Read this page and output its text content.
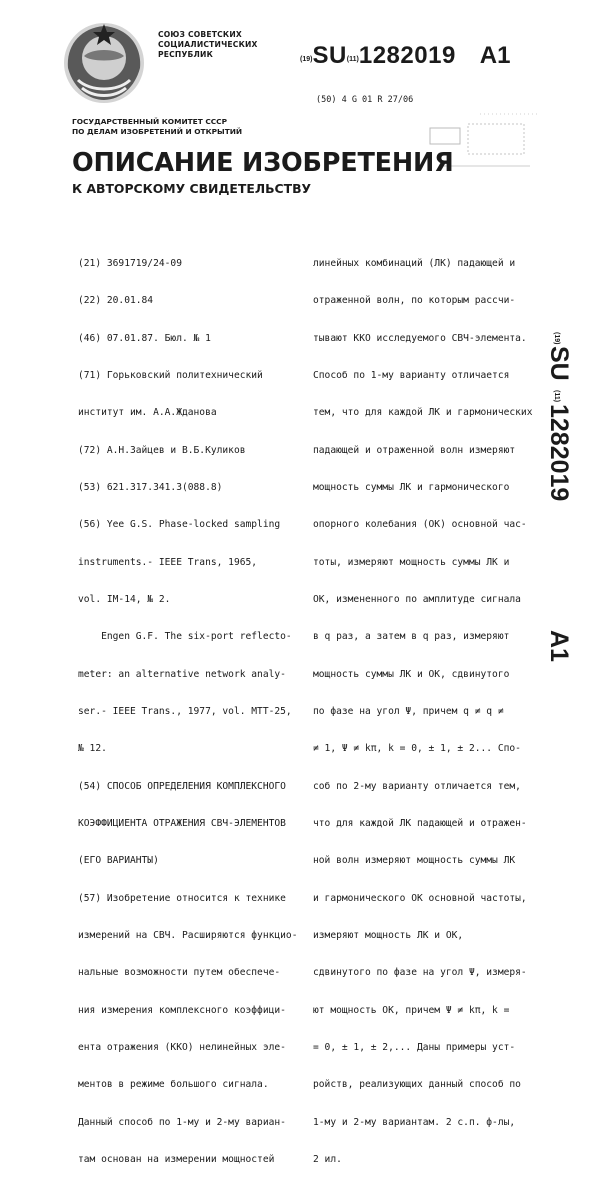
СОЮЗ СОВЕТСКИХ
СОЦИАЛИСТИЧЕСКИХ
РЕСПУБЛИК
(19)SU(11)1282019 A1
(50) 4 G 01 R 27/06
ГОСУДАРСТВЕННЫЙ КОМИТЕТ СССР
ПО ДЕЛАМ ИЗОБРЕТЕНИЙ И ОТКРЫТИЙ
ОПИСАНИЕ ИЗОБРЕТЕНИЯ
К АВТОРСКОМУ СВИДЕТЕЛЬСТВУ

(21) 3691719/24-09

(22) 20.01.84

(46) 07.01.87. Бюл. № 1

(71) Горьковский политехнический

институт им. А.А.Жданова

(72) А.Н.Зайцев и В.Б.Куликов

(53) 621.317.341.3(088.8)

(56) Yee G.S. Phase-locked sampling

instruments.- IEEE Trans, 1965,

vol. IM-14, № 2.

Engen G.F. The six-port reflecto-

meter: an alternative network analy-

ser.- IEEE Trans., 1977, vol. MTT-25,

№ 12.

(54) СПОСОБ ОПРЕДЕЛЕНИЯ КОМПЛЕКСНОГО

КОЭФФИЦИЕНТА ОТРАЖЕНИЯ СВЧ-ЭЛЕМЕНТОВ

(ЕГО ВАРИАНТЫ)

(57) Изобретение относится к технике

измерений на СВЧ. Расширяются функцио-

нальные возможности путем обеспече-

ния измерения комплексного коэффици-

ента отражения (ККО) нелинейных эле-

ментов в режиме большого сигнала.

Данный способ по 1-му и 2-му вариан-

там основан на измерении мощностей

линейных комбинаций (ЛК) падающей и

отраженной волн, по которым рассчи-

тывают ККО исследуемого СВЧ-элемента.

Способ по 1-му варианту отличается

тем, что для каждой ЛК и гармонических

падающей и отраженной волн измеряют

мощность суммы ЛК и гармонического

опорного колебания (ОК) основной час-

тоты, измеряют мощность суммы ЛК и

ОК, измененного по амплитуде сигнала

в q раз, а затем в q раз, измеряют

мощность суммы ЛК и ОК, сдвинутого

по фазе на угол Ψ, причем q ≠ q ≠

≠ 1, Ψ ≠ kπ, k = 0, ± 1, ± 2... Спо-

соб по 2-му варианту отличается тем,

что для каждой ЛК падающей и отражен-

ной волн измеряют мощность суммы ЛК

и гармонического ОК основной частоты,

измеряют мощность ЛК и ОК,

сдвинутого по фазе на угол Ψ, измеря-

ют мощность ОК, причем Ψ ≠ kπ, k =

= 0, ± 1, ± 2,... Даны примеры уст-

ройств, реализующих данный способ по

1-му и 2-му вариантам. 2 с.п. ф-лы,

2 ил.

(19)
SU
(11)
1282019
A1
